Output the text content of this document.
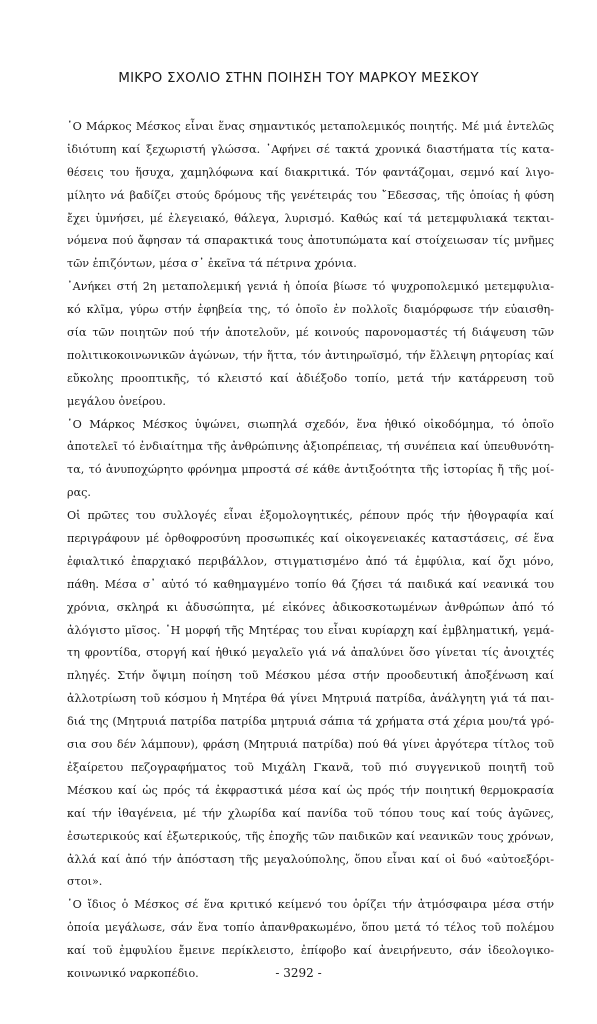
ΜΙΚΡΟ ΣΧΟΛΙΟ ΣΤΗΝ ΠΟΙΗΣΗ ΤΟΥ ΜΑΡΚΟΥ ΜΕΣΚΟΥ
῾Ο Μάρκος Μέσκος εἶναι ἕνας σημαντικός μεταπολεμικός ποιητής. Μέ μιά ἐντελῶς
ἰδιότυπη καί ξεχωριστή γλώσσα. ᾿Αφήνει σέ τακτά χρονικά διαστήματα τίς κατα-
θέσεις του ἥσυχα, χαμηλόφωνα καί διακριτικά. Τόν φαντάζομαι, σεμνό καί λιγο-
μίλητο νά βαδίζει στούς δρόμους τῆς γενέτειράς του ῎Εδεσσας, τῆς ὁποίας ἡ φύση
ἔχει ὑμνήσει, μέ ἐλεγειακό, θάλεγα, λυρισμό. Καθώς καί τά μετεμφυλιακά τεκται-
νόμενα πού ἄφησαν τά σπαρακτικά τους ἀποτυπώματα καί στοίχειωσαν τίς μνῆμες
τῶν ἐπιζόντων, μέσα σ᾿ ἐκεῖνα τά πέτρινα χρόνια.
᾿Ανήκει στή 2η μεταπολεμική γενιά ἡ ὁποία βίωσε τό ψυχροπολεμικό μετεμφυλια-
κό κλῖμα, γύρω στήν ἐφηβεία της, τό ὁποῖο ἐν πολλοῖς διαμόρφωσε τήν εὐαισθη-
σία τῶν ποιητῶν πού τήν ἀποτελοῦν, μέ κοινούς παρονομαστές τή διάψευση τῶν
πολιτικοκοινωνικῶν ἀγώνων, τήν ἥττα, τόν ἀντιηρωϊσμό, τήν ἔλλειψη ρητορίας καί
εὔκολης προοπτικῆς, τό κλειστό καί ἀδιέξοδο τοπίο, μετά τήν κατάρρευση τοῦ
μεγάλου ὀνείρου.
῾Ο Μάρκος Μέσκος ὑψώνει, σιωπηλά σχεδόν, ἕνα ἠθικό οἰκοδόμημα, τό ὁποῖο
ἀποτελεῖ τό ἐνδιαίτημα τῆς ἀνθρώπινης ἀξιοπρέπειας, τή συνέπεια καί ὑπευθυνότη-
τα, τό ἀνυποχώρητο φρόνημα μπροστά σέ κάθε ἀντιξοότητα τῆς ἱστορίας ἤ τῆς μοί-
ρας.
Οἱ πρῶτες του συλλογές εἶναι ἐξομολογητικές, ρέπουν πρός τήν ἠθογραφία καί
περιγράφουν μέ ὀρθοφροσύνη προσωπικές καί οἰκογενειακές καταστάσεις, σέ ἕνα
ἐφιαλτικό ἐπαρχιακό περιβάλλον, στιγματισμένο ἀπό τά ἐμφύλια, καί ὄχι μόνο,
πάθη. Μέσα σ᾿ αὐτό τό καθημαγμένο τοπίο θά ζήσει τά παιδικά καί νεανικά του
χρόνια, σκληρά κι ἀδυσώπητα, μέ εἰκόνες ἀδικοσκοτωμένων ἀνθρώπων ἀπό τό
ἀλόγιστο μῖσος. ῾Η μορφή τῆς Μητέρας του εἶναι κυρίαρχη καί ἐμβληματική, γεμά-
τη φροντίδα, στοργή καί ἠθικό μεγαλεῖο γιά νά ἀπαλύνει ὅσο γίνεται τίς ἀνοιχτές
πληγές. Στήν ὄψιμη ποίηση τοῦ Μέσκου μέσα στήν προοδευτική ἀποξένωση καί
ἀλλοτρίωση τοῦ κόσμου ἡ Μητέρα θά γίνει Μητρυιά πατρίδα, ἀνάλγητη γιά τά παι-
διά της (Μητρυιά πατρίδα πατρίδα μητρυιά σάπια τά χρήματα στά χέρια μου/τά γρό-
σια σου δέν λάμπουν), φράση (Μητρυιά πατρίδα) πού θά γίνει ἀργότερα τίτλος τοῦ
ἐξαίρετου πεζογραφήματος τοῦ Μιχάλη Γκανᾶ, τοῦ πιό συγγενικοῦ ποιητῆ τοῦ
Μέσκου καί ὡς πρός τά ἐκφραστικά μέσα καί ὡς πρός τήν ποιητική θερμοκρασία
καί τήν ἰθαγένεια, μέ τήν χλωρίδα καί πανίδα τοῦ τόπου τους καί τούς ἀγῶνες,
ἐσωτερικούς καί ἐξωτερικούς, τῆς ἐποχῆς τῶν παιδικῶν καί νεανικῶν τους χρόνων,
ἀλλά καί ἀπό τήν ἀπόσταση τῆς μεγαλούπολης, ὅπου εἶναι καί οἱ δυό «αὐτοεξόρι-
στοι».
῾Ο ἴδιος ὁ Μέσκος σέ ἕνα κριτικό κείμενό του ὁρίζει τήν ἀτμόσφαιρα μέσα στήν
ὁποία μεγάλωσε, σάν ἕνα τοπίο ἀπανθρακωμένο, ὅπου μετά τό τέλος τοῦ πολέμου
καί τοῦ ἐμφυλίου ἔμεινε περίκλειστο, ἐπίφοβο καί ἀνειρήνευτο, σάν ἰδεολογικο-
κοινωνικό ναρκοπέδιο.	- 3292 -
